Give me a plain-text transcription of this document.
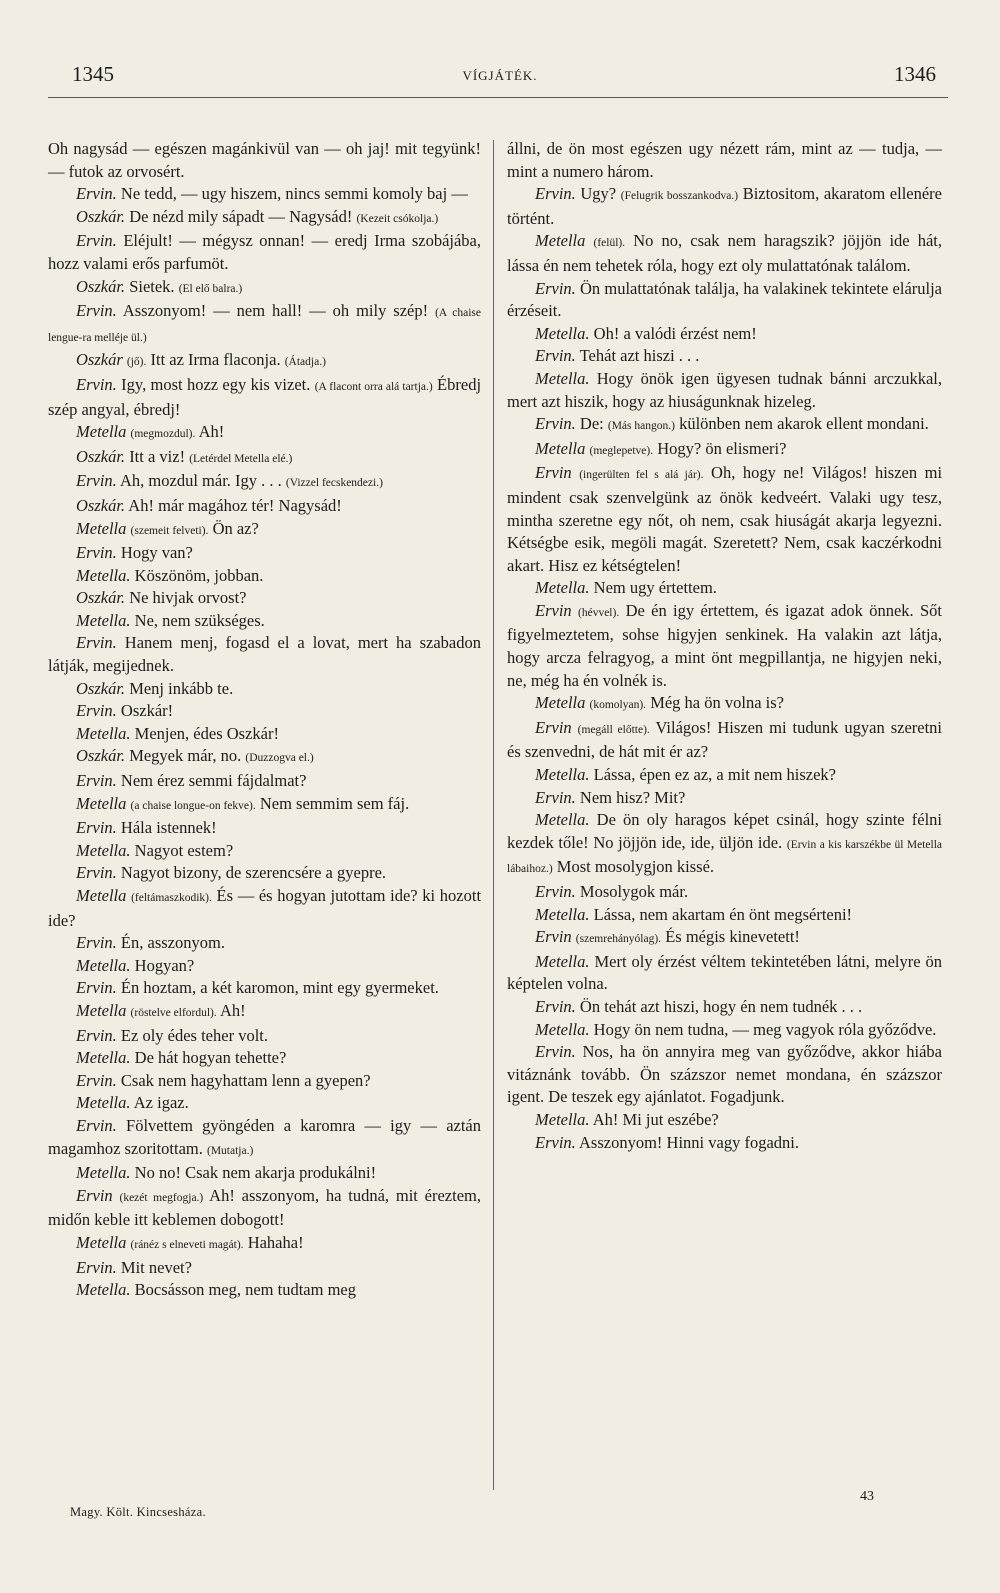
1345	VÍGJÁTÉK.	1346

Oh nagysád — egészen magánkivül van — oh jaj! mit tegyünk! — futok az orvosért.

Ervin. Ne tedd, — ugy hiszem, nincs semmi komoly baj —

Oszkár. De nézd mily sápadt — Nagysád! (Kezeit csókolja.)

Ervin. Eléjult! — mégysz onnan! — eredj Irma szobájába, hozz valami erős parfumöt.

Oszkár. Sietek. (El elő balra.)

Ervin. Asszonyom! — nem hall! — oh mily szép! (A chaise lengue-ra melléje ül.)

Oszkár (jő). Itt az Irma flaconja. (Átadja.)

Ervin. Igy, most hozz egy kis vizet. (A flacont orra alá tartja.) Ébredj szép angyal, ébredj!

Metella (megmozdul). Ah!

Oszkár. Itt a viz! (Letérdel Metella elé.)

Ervin. Ah, mozdul már. Igy . . . (Vizzel fecskendezi.)

Oszkár. Ah! már magához tér! Nagysád!

Metella (szemeit felveti). Ön az?

Ervin. Hogy van?

Metella. Köszönöm, jobban.

Oszkár. Ne hivjak orvost?

Metella. Ne, nem szükséges.

Ervin. Hanem menj, fogasd el a lovat, mert ha szabadon látják, megijednek.

Oszkár. Menj inkább te.

Ervin. Oszkár!

Metella. Menjen, édes Oszkár!

Oszkár. Megyek már, no. (Duzzogva el.)

Ervin. Nem érez semmi fájdalmat?

Metella (a chaise longue-on fekve). Nem semmim sem fáj.

Ervin. Hála istennek!

Metella. Nagyot estem?

Ervin. Nagyot bizony, de szerencsére a gyepre.

Metella (feltámaszkodik). És — és hogyan jutottam ide? ki hozott ide?

Ervin. Én, asszonyom.

Metella. Hogyan?

Ervin. Én hoztam, a két karomon, mint egy gyermeket.

Metella (röstelve elfordul). Ah!

Ervin. Ez oly édes teher volt.

Metella. De hát hogyan tehette?

Ervin. Csak nem hagyhattam lenn a gyepen?

Metella. Az igaz.

Ervin. Fölvettem gyöngéden a karomra — igy — aztán magamhoz szoritottam. (Mutatja.)

Metella. No no! Csak nem akarja produkálni!

Ervin (kezét megfogja.) Ah! asszonyom, ha tudná, mit éreztem, midőn keble itt keblemen dobogott!

Metella (ránéz s elneveti magát). Hahaha!

Ervin. Mit nevet?

Metella. Bocsásson meg, nem tudtam meg

állni, de ön most egészen ugy nézett rám, mint az — tudja, — mint a numero három.

Ervin. Ugy? (Felugrik bosszankodva.) Biztositom, akaratom ellenére történt.

Metella (felül). No no, csak nem haragszik? jöjjön ide hát, lássa én nem tehetek róla, hogy ezt oly mulattatónak találom.

Ervin. Ön mulattatónak találja, ha valakinek tekintete elárulja érzéseit.

Metella. Oh! a valódi érzést nem!

Ervin. Tehát azt hiszi . . .

Metella. Hogy önök igen ügyesen tudnak bánni arczukkal, mert azt hiszik, hogy az hiuságunknak hizeleg.

Ervin. De: (Más hangon.) különben nem akarok ellent mondani.

Metella (meglepetve). Hogy? ön elismeri?

Ervin (ingerülten fel s alá jár). Oh, hogy ne! Világos! hiszen mi mindent csak szenvelgünk az önök kedveért. Valaki ugy tesz, mintha szeretne egy nőt, oh nem, csak hiuságát akarja legyezni. Kétségbe esik, megöli magát. Szeretett? Nem, csak kaczérkodni akart. Hisz ez kétségtelen!

Metella. Nem ugy értettem.

Ervin (hévvel). De én igy értettem, és igazat adok önnek. Sőt figyelmeztetem, sohse higyjen senkinek. Ha valakin azt látja, hogy arcza felragyog, a mint önt megpillantja, ne higyjen neki, ne, még ha én volnék is.

Metella (komolyan). Még ha ön volna is?

Ervin (megáll előtte). Világos! Hiszen mi tudunk ugyan szeretni és szenvedni, de hát mit ér az?

Metella. Lássa, épen ez az, a mit nem hiszek?

Ervin. Nem hisz? Mit?

Metella. De ön oly haragos képet csinál, hogy szinte félni kezdek tőle! No jöjjön ide, ide, üljön ide. (Ervin a kis karszékbe ül Metella lábaihoz.) Most mosolygjon kissé.

Ervin. Mosolygok már.

Metella. Lássa, nem akartam én önt megsérteni!

Ervin (szemrehányólag). És mégis kinevetett!

Metella. Mert oly érzést véltem tekintetében látni, melyre ön képtelen volna.

Ervin. Ön tehát azt hiszi, hogy én nem tudnék . . .

Metella. Hogy ön nem tudna, — meg vagyok róla győződve.

Ervin. Nos, ha ön annyira meg van győződve, akkor hiába vitáznánk tovább. Ön százszor nemet mondana, én százszor igent. De teszek egy ajánlatot. Fogadjunk.

Metella. Ah! Mi jut eszébe?

Ervin. Asszonyom! Hinni vagy fogadni.

Magy. Költ. Kincsesháza.
43
